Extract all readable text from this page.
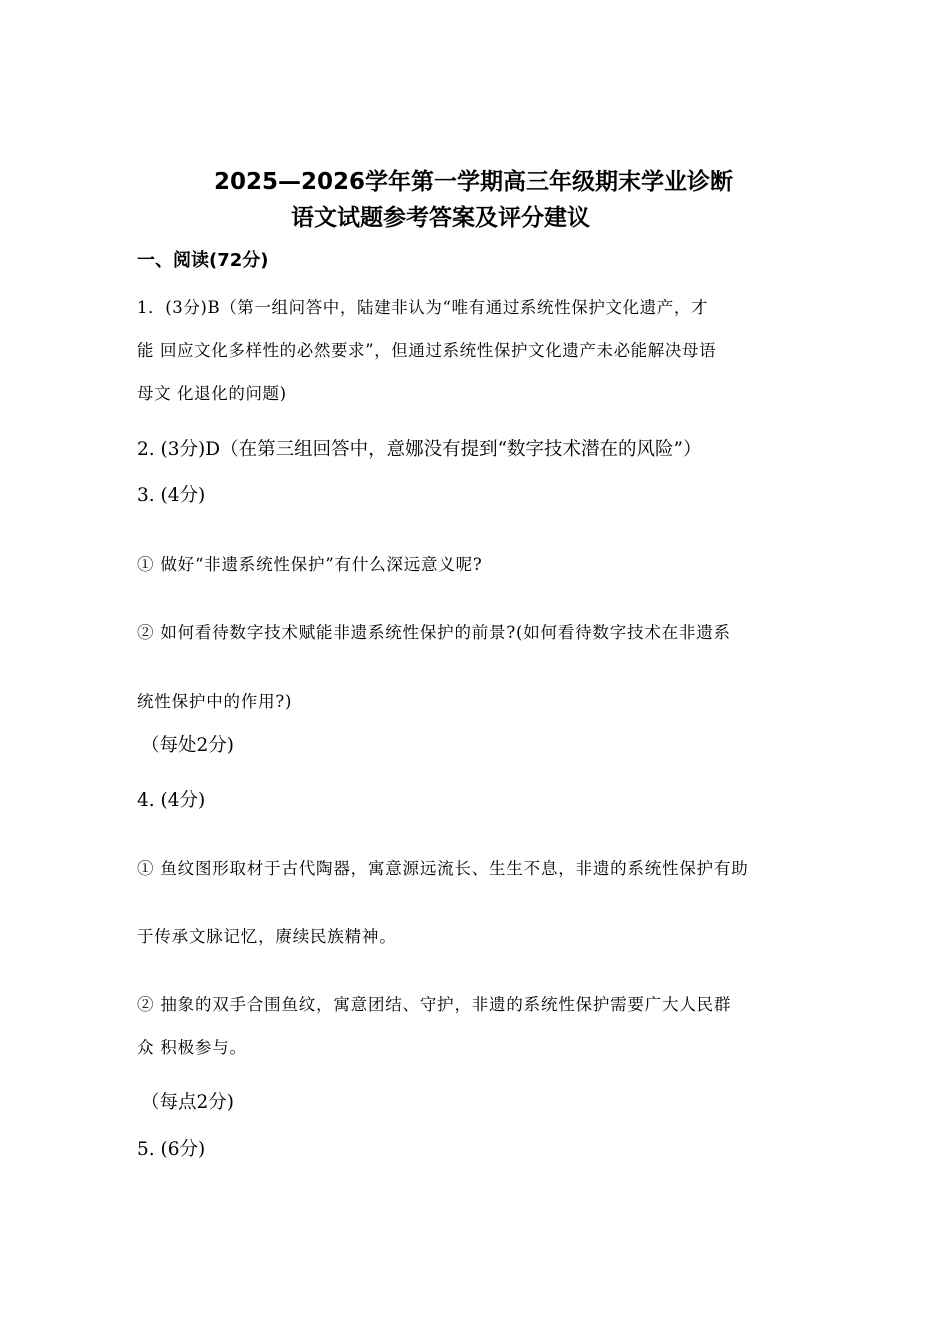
2025—2026学年第一学期高三年级期末学业诊断
语文试题参考答案及评分建议
一、阅读(72分)
1．(3分)B（第一组问答中，陆建非认为“唯有通过系统性保护文化遗产，才
能 回应文化多样性的必然要求”，但通过系统性保护文化遗产未必能解决母语
母文 化退化的问题)
2. (3分)D（在第三组回答中，意娜没有提到“数字技术潜在的风险”）
3. (4分)
① 做好“非遗系统性保护”有什么深远意义呢?
② 如何看待数字技术赋能非遗系统性保护的前景?(如何看待数字技术在非遗系
统性保护中的作用?)
（每处2分)
4. (4分)
① 鱼纹图形取材于古代陶器，寓意源远流长、生生不息，非遗的系统性保护有助
于传承文脉记忆，赓续民族精神。
② 抽象的双手合围鱼纹，寓意团结、守护，非遗的系统性保护需要广大人民群
众 积极参与。
（每点2分)
5. (6分)
